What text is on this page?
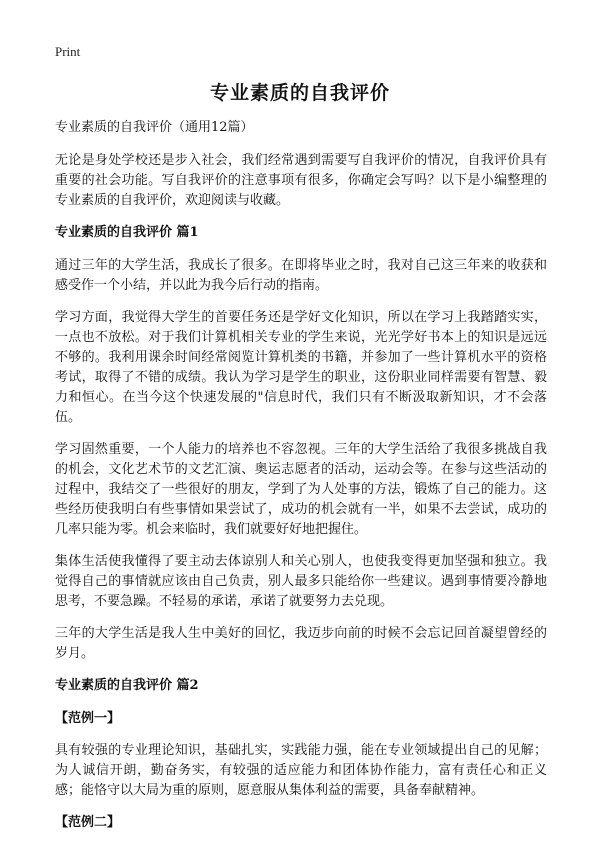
Print
专业素质的自我评价

专业素质的自我评价（通用12篇）

无论是身处学校还是步入社会，我们经常遇到需要写自我评价的情况，自我评价具有重要的社会功能。写自我评价的注意事项有很多，你确定会写吗？以下是小编整理的专业素质的自我评价，欢迎阅读与收藏。

专业素质的自我评价 篇1

通过三年的大学生活，我成长了很多。在即将毕业之时，我对自己这三年来的收获和感受作一个小结，并以此为我今后行动的指南。

学习方面，我觉得大学生的首要任务还是学好文化知识，所以在学习上我踏踏实实，一点也不放松。对于我们计算机相关专业的学生来说，光光学好书本上的知识是远远不够的。我利用课余时间经常阅览计算机类的书籍，并参加了一些计算机水平的资格考试，取得了不错的成绩。我认为学习是学生的职业，这份职业同样需要有智慧、毅力和恒心。在当今这个快速发展的"信息时代，我们只有不断汲取新知识，才不会落伍。

学习固然重要，一个人能力的培养也不容忽视。三年的大学生活给了我很多挑战自我的机会，文化艺术节的文艺汇演、奥运志愿者的活动，运动会等。在参与这些活动的过程中，我结交了一些很好的朋友，学到了为人处事的方法，锻炼了自己的能力。这些经历使我明白有些事情如果尝试了，成功的机会就有一半，如果不去尝试，成功的几率只能为零。机会来临时，我们就要好好地把握住。

集体生活使我懂得了要主动去体谅别人和关心别人，也使我变得更加坚强和独立。我觉得自己的事情就应该由自己负责，别人最多只能给你一些建议。遇到事情要冷静地思考，不要急躁。不轻易的承诺，承诺了就要努力去兑现。

三年的大学生活是我人生中美好的回忆，我迈步向前的时候不会忘记回首凝望曾经的岁月。

专业素质的自我评价 篇2

【范例一】

具有较强的专业理论知识，基础扎实，实践能力强，能在专业领域提出自己的见解；为人诚信开朗，勤奋务实，有较强的适应能力和团体协作能力，富有责任心和正义感；能恪守以大局为重的原则，愿意服从集体利益的需要，具备奉献精神。

【范例二】
